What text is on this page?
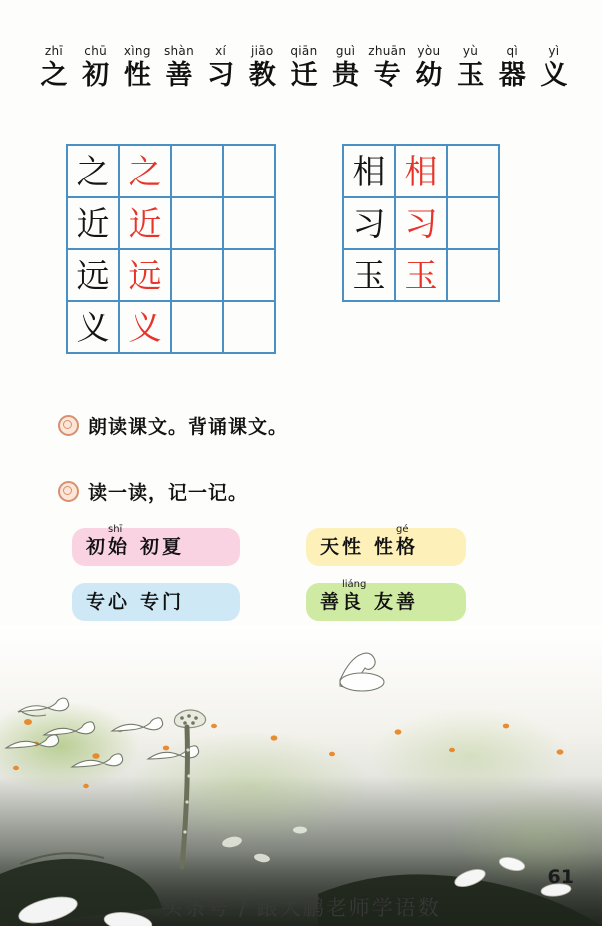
zhī
之
chū
初
xìng
性
shàn
善
xí
习
jiāo
教
qiān
迁
guì
贵
zhuān
专
yòu
幼
yù
玉
qì
器
yì
义
之 之
近 近
远 远
义 义
相 相
习 习
玉 玉
朗读课文。背诵课文。
读一读，记一记。
shī
初始 初夏
专心 专门
天性
gé
性格
liáng
善良 友善
61
头条号 / 跟大鹏老师学语数
